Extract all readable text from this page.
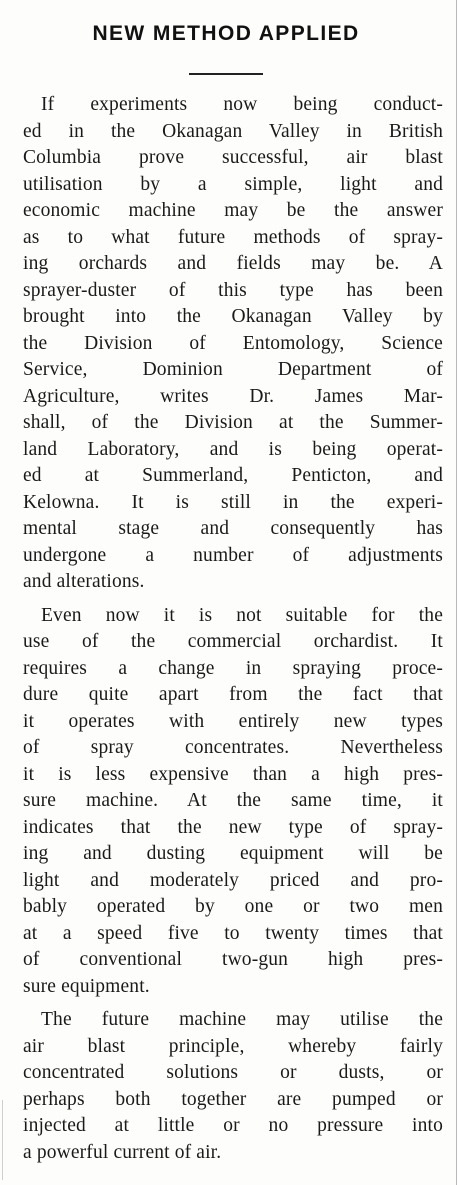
NEW METHOD APPLIED

If experiments now being conduct-
ed in the Okanagan Valley in British
Columbia prove successful, air blast
utilisation by a simple, light and
economic machine may be the answer
as to what future methods of spray-
ing orchards and fields may be. A
sprayer-duster of this type has been
brought into the Okanagan Valley by
the Division of Entomology, Science
Service, Dominion Department of
Agriculture, writes Dr. James Mar-
shall, of the Division at the Summer-
land Laboratory, and is being operat-
ed at Summerland, Penticton, and
Kelowna. It is still in the experi-
mental stage and consequently has
undergone a number of adjustments
and alterations.

Even now it is not suitable for the
use of the commercial orchardist. It
requires a change in spraying proce-
dure quite apart from the fact that
it operates with entirely new types
of spray concentrates. Nevertheless
it is less expensive than a high pres-
sure machine. At the same time, it
indicates that the new type of spray-
ing and dusting equipment will be
light and moderately priced and pro-
bably operated by one or two men
at a speed five to twenty times that
of conventional two-gun high pres-
sure equipment.

The future machine may utilise the
air blast principle, whereby fairly
concentrated solutions or dusts, or
perhaps both together are pumped or
injected at little or no pressure into
a powerful current of air.
